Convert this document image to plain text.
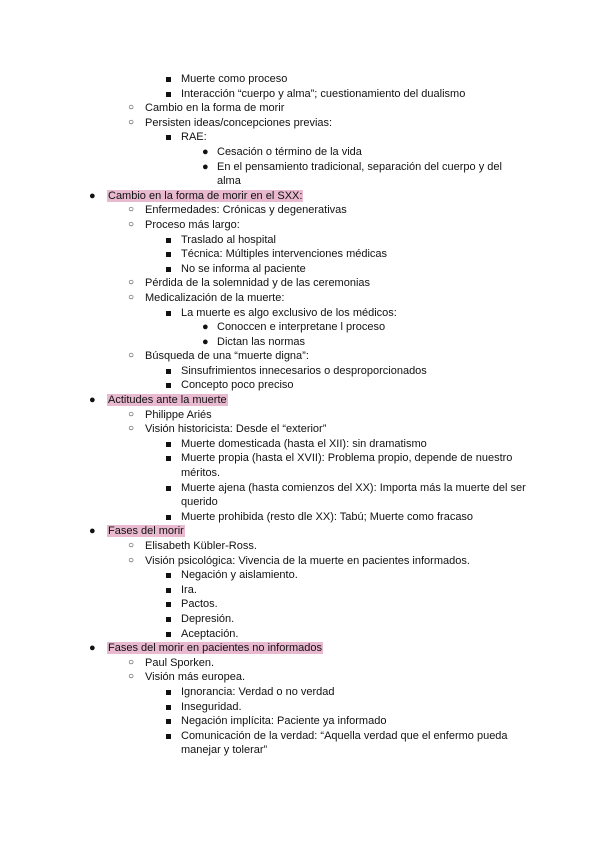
Muerte como proceso
Interacción “cuerpo y alma”; cuestionamiento del dualismo
○ Cambio en la forma de morir
○ Persisten ideas/concepciones previas:
RAE:
● Cesación o término de la vida
● En el pensamiento tradicional, separación del cuerpo y del alma
● Cambio en la forma de morir en el SXX:
○ Enfermedades: Crónicas y degenerativas
○ Proceso más largo:
Traslado al hospital
Técnica: Múltiples intervenciones médicas
No se informa al paciente
○ Pérdida de la solemnidad y de las ceremonias
○ Medicalización de la muerte:
La muerte es algo exclusivo de los médicos:
● Conoccen e interpretane l proceso
● Dictan las normas
○ Búsqueda de una “muerte digna”:
Sinsufrimientos innecesarios o desproporcionados
Concepto poco preciso
● Actitudes ante la muerte
○ Philippe Ariés
○ Visión historicista: Desde el “exterior”
Muerte domesticada (hasta el XII): sin dramatismo
Muerte propia (hasta el XVII): Problema propio, depende de nuestro méritos.
Muerte ajena (hasta comienzos del XX): Importa más la muerte del ser querido
Muerte prohibida (resto dle XX): Tabú; Muerte como fracaso
● Fases del morir
○ Elisabeth Kübler-Ross.
○ Visión psicológica: Vivencia de la muerte en pacientes informados.
Negación y aislamiento.
Ira.
Pactos.
Depresión.
Aceptación.
● Fases del morir en pacientes no informados
○ Paul Sporken.
○ Visión más europea.
Ignorancia: Verdad o no verdad
Inseguridad.
Negación implícita: Paciente ya informado
Comunicación de la verdad: “Aquella verdad que el enfermo pueda manejar y tolerar”
